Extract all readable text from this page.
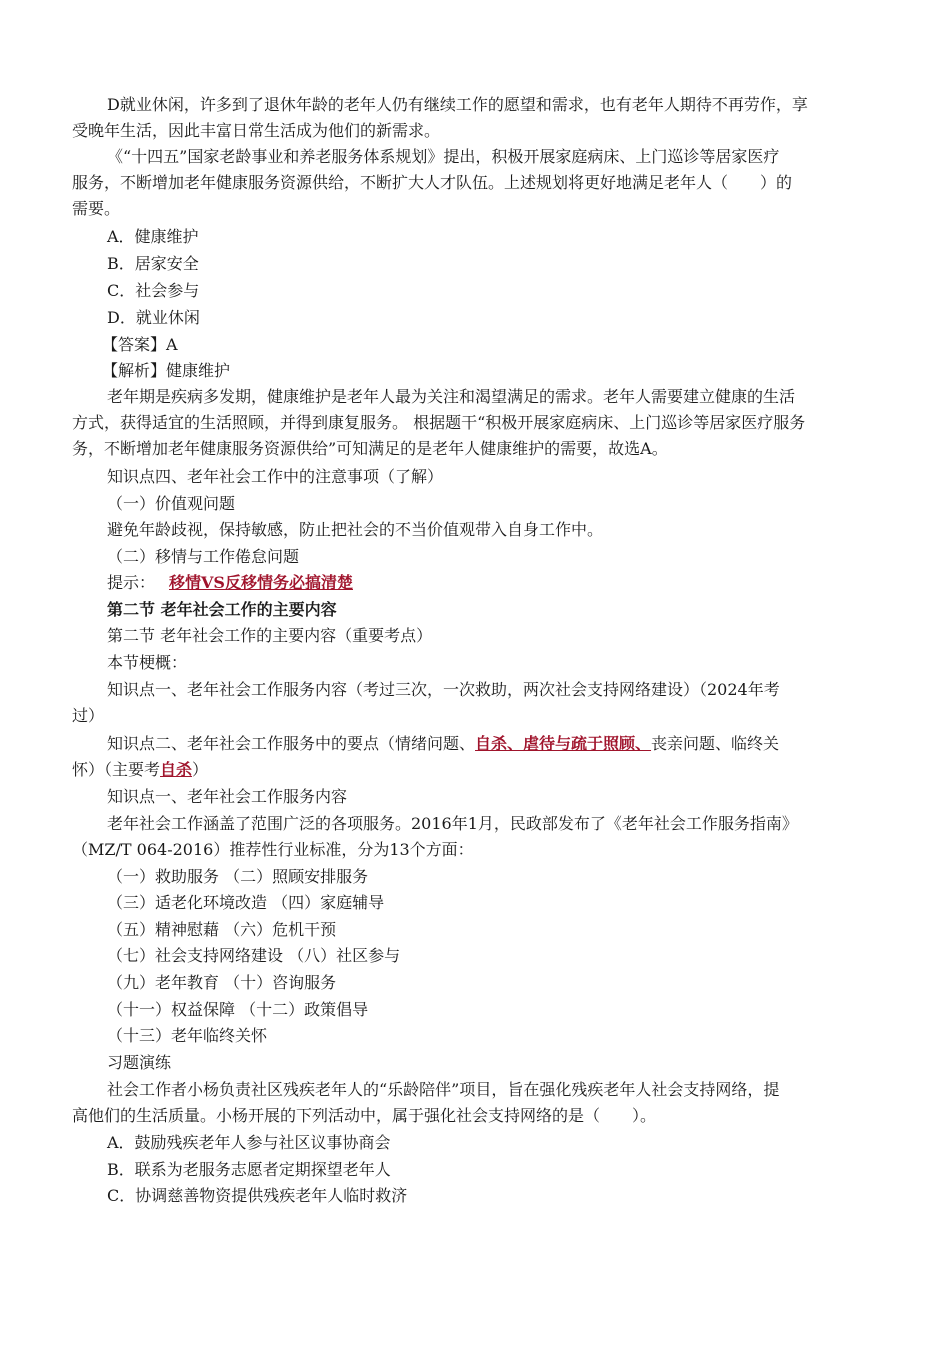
D就业休闲，许多到了退休年龄的老年人仍有继续工作的愿望和需求，也有老年人期待不再劳作，享
受晚年生活，因此丰富日常生活成为他们的新需求。
《“十四五”国家老龄事业和养老服务体系规划》提出，积极开展家庭病床、上门巡诊等居家医疗
服务，不断增加老年健康服务资源供给，不断扩大人才队伍。上述规划将更好地满足老年人（　　）的
需要。
A．健康维护
B．居家安全
C．社会参与
D．就业休闲
【答案】A
【解析】健康维护
老年期是疾病多发期，健康维护是老年人最为关注和渴望满足的需求。老年人需要建立健康的生活
方式，获得适宜的生活照顾，并得到康复服务。 根据题干“积极开展家庭病床、上门巡诊等居家医疗服务
务，不断增加老年健康服务资源供给”可知满足的是老年人健康维护的需要，故选A。
知识点四、老年社会工作中的注意事项（了解）
（一）价值观问题
避免年龄歧视，保持敏感，防止把社会的不当价值观带入自身工作中。
（二）移情与工作倦怠问题
提示： 移情VS反移情务必搞清楚
第二节 老年社会工作的主要内容
第二节 老年社会工作的主要内容（重要考点）
本节梗概：
知识点一、老年社会工作服务内容（考过三次，一次救助，两次社会支持网络建设）（2024年考
过）
知识点二、老年社会工作服务中的要点（情绪问题、自杀、虐待与疏于照顾、丧亲问题、临终关
怀）（主要考自杀）
知识点一、老年社会工作服务内容
老年社会工作涵盖了范围广泛的各项服务。2016年1月，民政部发布了《老年社会工作服务指南》
（MZ/T 064-2016）推荐性行业标准，分为13个方面：
（一）救助服务 （二）照顾安排服务
（三）适老化环境改造 （四）家庭辅导
（五）精神慰藉 （六）危机干预
（七）社会支持网络建设 （八）社区参与
（九）老年教育 （十）咨询服务
（十一）权益保障 （十二）政策倡导
（十三）老年临终关怀
习题演练
社会工作者小杨负责社区残疾老年人的“乐龄陪伴”项目，旨在强化残疾老年人社会支持网络，提
高他们的生活质量。小杨开展的下列活动中，属于强化社会支持网络的是（　　）。
A．鼓励残疾老年人参与社区议事协商会
B．联系为老服务志愿者定期探望老年人
C．协调慈善物资提供残疾老年人临时救济
